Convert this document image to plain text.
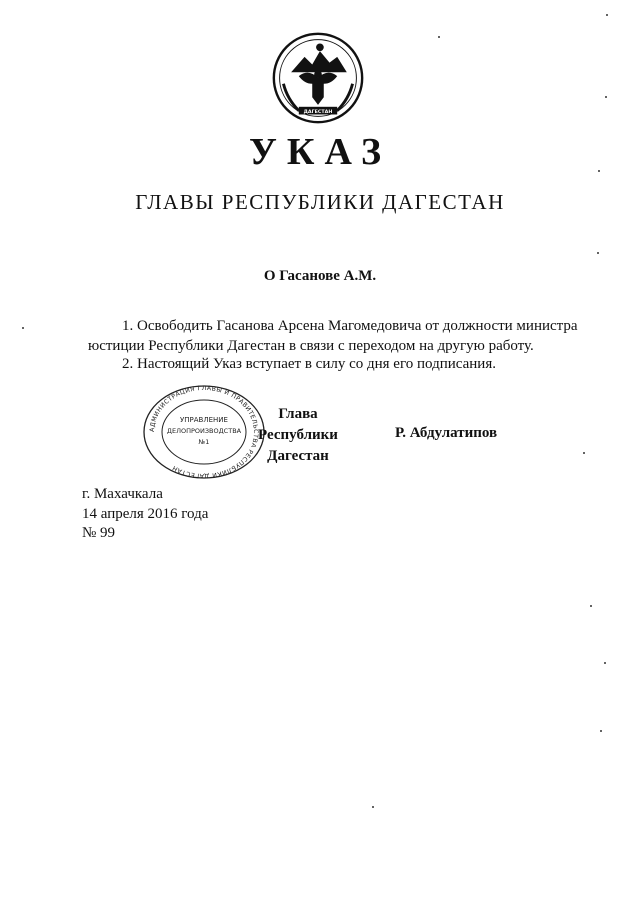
ДАГЕСТАН
УКАЗ
ГЛАВЫ РЕСПУБЛИКИ ДАГЕСТАН
О Гасанове А.М.
1. Освободить Гасанова Арсена Магомедовича от должности министра
юстиции Республики Дагестан в связи с переходом на другую работу.
2. Настоящий Указ вступает в силу со дня его подписания.
АДМИНИСТРАЦИЯ ГЛАВЫ И ПРАВИТЕЛЬСТВА РЕСПУБЛИКИ ДАГЕСТАН
УПРАВЛЕНИЕ
ДЕЛОПРОИЗВОДСТВА
№1
Глава
Республики Дагестан
Р. Абдулатипов
г. Махачкала
14 апреля 2016 года
№ 99
